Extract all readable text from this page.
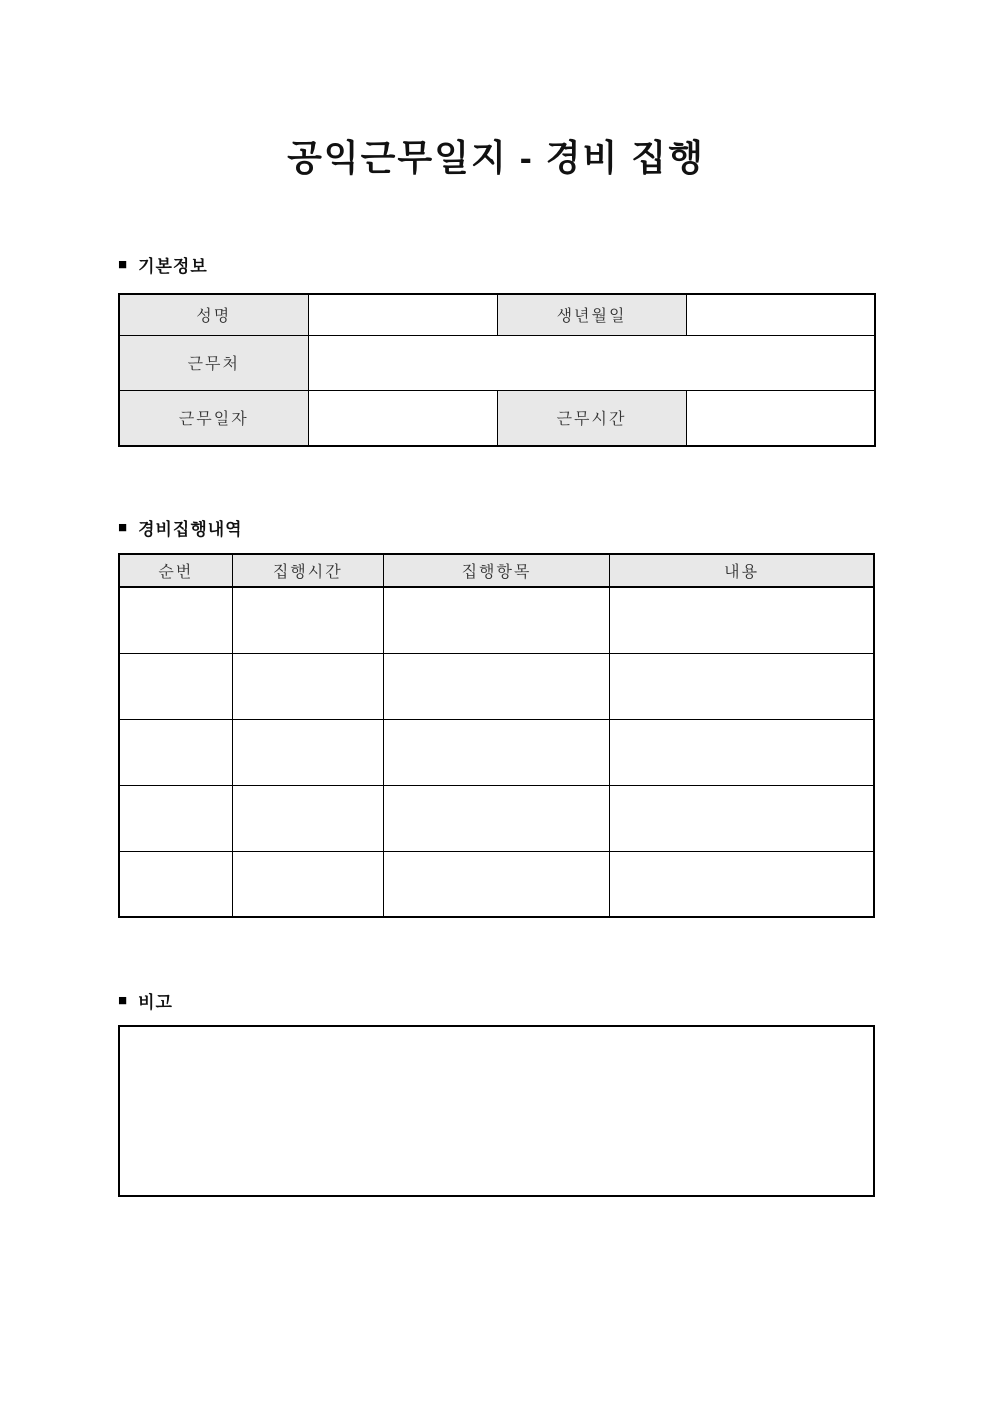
공익근무일지 - 경비 집행
■ 기본정보
성명		생년월일	
근무처			
근무일자		근무시간	
■ 경비집행내역
순번	집행시간	집행항목	내용

■ 비고
